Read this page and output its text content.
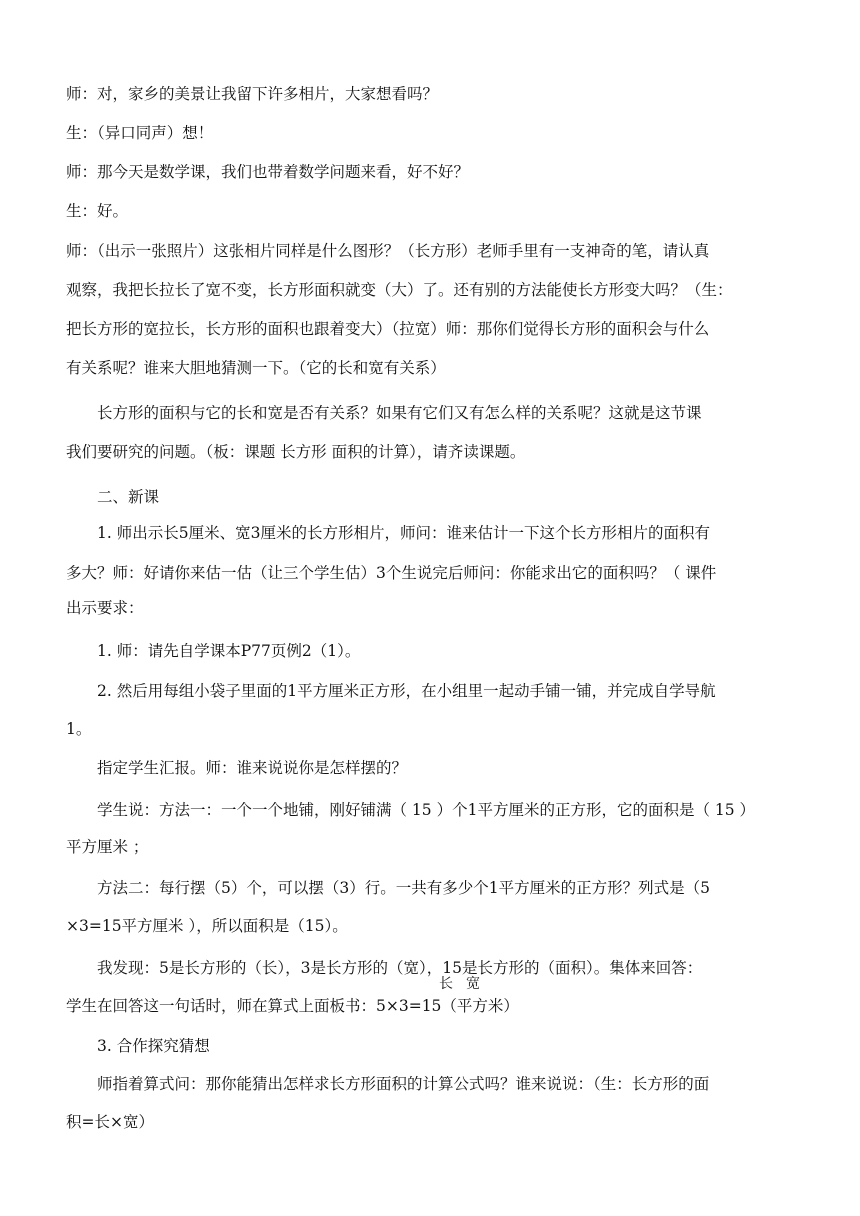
师：对，家乡的美景让我留下许多相片，大家想看吗？

生：（异口同声）想！

师：那今天是数学课，我们也带着数学问题来看，好不好？

生：好。

师：（出示一张照片）这张相片同样是什么图形？（长方形）老师手里有一支神奇的笔，请认真
观察，我把长拉长了宽不变，长方形面积就变（大）了。还有别的方法能使长方形变大吗？（生：
把长方形的宽拉长，长方形的面积也跟着变大）（拉宽）师：那你们觉得长方形的面积会与什么
有关系呢？谁来大胆地猜测一下。（它的长和宽有关系）

长方形的面积与它的长和宽是否有关系？如果有它们又有怎么样的关系呢？这就是这节课

我们要研究的问题。（板：课题 长方形 面积的计算），请齐读课题。

二、新课

1. 师出示长5厘米、宽3厘米的长方形相片，师问：谁来估计一下这个长方形相片的面积有

多大？师：好请你来估一估（让三个学生估）3个生说完后师问：你能求出它的面积吗？（ 课件
出示要求：

1. 师：请先自学课本P77页例2（1）。

2. 然后用每组小袋子里面的1平方厘米正方形，在小组里一起动手铺一铺，并完成自学导航

1。

指定学生汇报。师：谁来说说你是怎样摆的？

学生说：方法一：一个一个地铺，刚好铺满（ 15 ）个1平方厘米的正方形，它的面积是（ 15 ）

平方厘米 ；

方法二：每行摆（5）个，可以摆（3）行。一共有多少个1平方厘米的正方形？列式是（5

×3=15平方厘米 ），所以面积是（15）。

我发现：5是长方形的（长），3是长方形的（宽），15是长方形的（面积）。集体来回答：

长 宽

学生在回答这一句话时，师在算式上面板书：5×3=15（平方米）

3. 合作探究猜想

师指着算式问：那你能猜出怎样求长方形面积的计算公式吗？谁来说说：（生：长方形的面

积=长×宽）
